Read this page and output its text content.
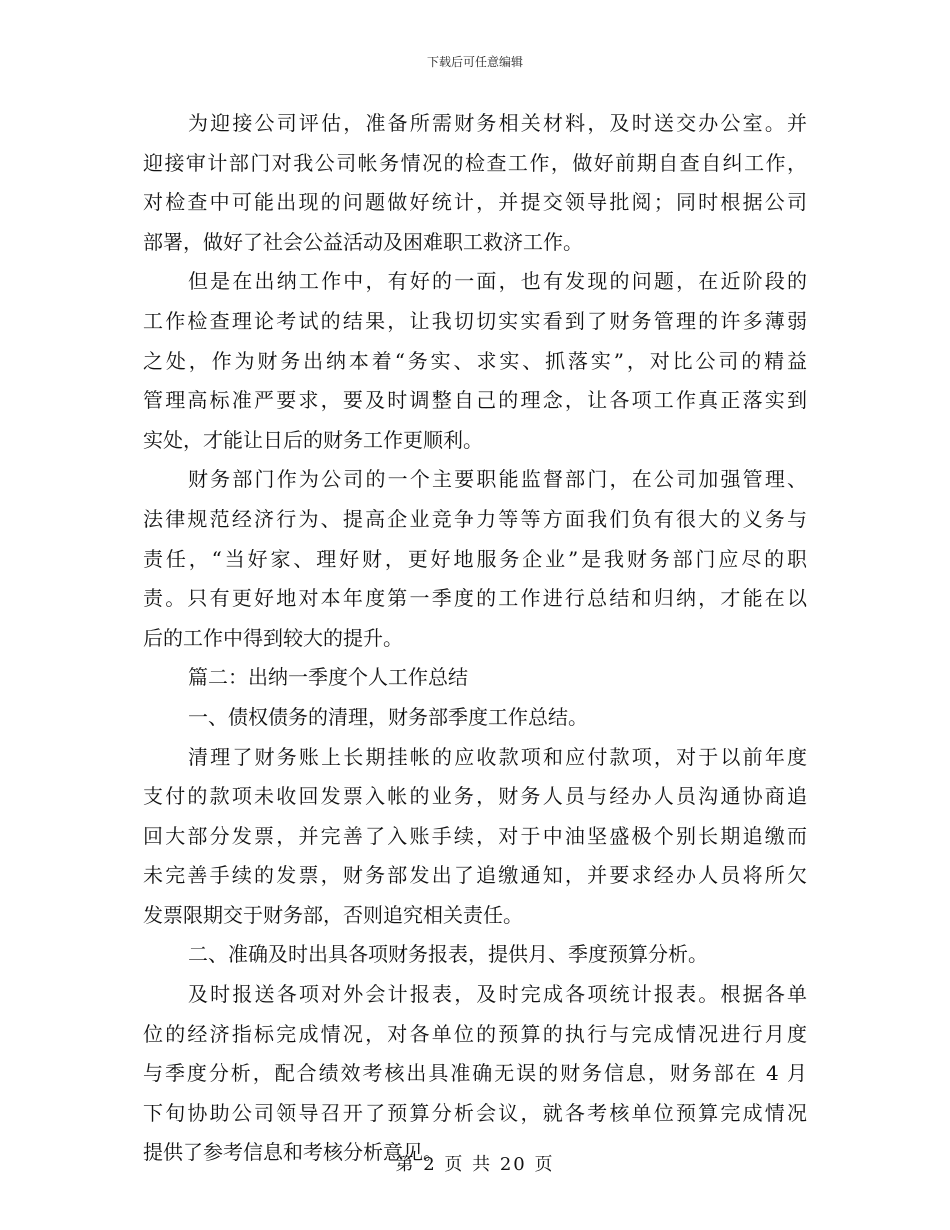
下载后可任意编辑
为迎接公司评估，准备所需财务相关材料，及时送交办公室。并
迎接审计部门对我公司帐务情况的检查工作，做好前期自查自纠工作，
对检查中可能出现的问题做好统计，并提交领导批阅；同时根据公司
部署，做好了社会公益活动及困难职工救济工作。
但是在出纳工作中，有好的一面，也有发现的问题，在近阶段的
工作检查理论考试的结果，让我切切实实看到了财务管理的许多薄弱
之处，作为财务出纳本着“务实、求实、抓落实”，对比公司的精益
管理高标准严要求，要及时调整自己的理念，让各项工作真正落实到
实处，才能让日后的财务工作更顺利。
财务部门作为公司的一个主要职能监督部门，在公司加强管理、
法律规范经济行为、提高企业竞争力等等方面我们负有很大的义务与
责任，“当好家、理好财，更好地服务企业”是我财务部门应尽的职
责。只有更好地对本年度第一季度的工作进行总结和归纳，才能在以
后的工作中得到较大的提升。
篇二：出纳一季度个人工作总结
一、债权债务的清理，财务部季度工作总结。
清理了财务账上长期挂帐的应收款项和应付款项，对于以前年度
支付的款项未收回发票入帐的业务，财务人员与经办人员沟通协商追
回大部分发票，并完善了入账手续，对于中油坚盛极个别长期追缴而
未完善手续的发票，财务部发出了追缴通知，并要求经办人员将所欠
发票限期交于财务部，否则追究相关责任。
二、准确及时出具各项财务报表，提供月、季度预算分析。
及时报送各项对外会计报表，及时完成各项统计报表。根据各单
位的经济指标完成情况，对各单位的预算的执行与完成情况进行月度
与季度分析，配合绩效考核出具准确无误的财务信息，财务部在 4 月
下旬协助公司领导召开了预算分析会议，就各考核单位预算完成情况
提供了参考信息和考核分析意见。
第 2 页 共 20 页
